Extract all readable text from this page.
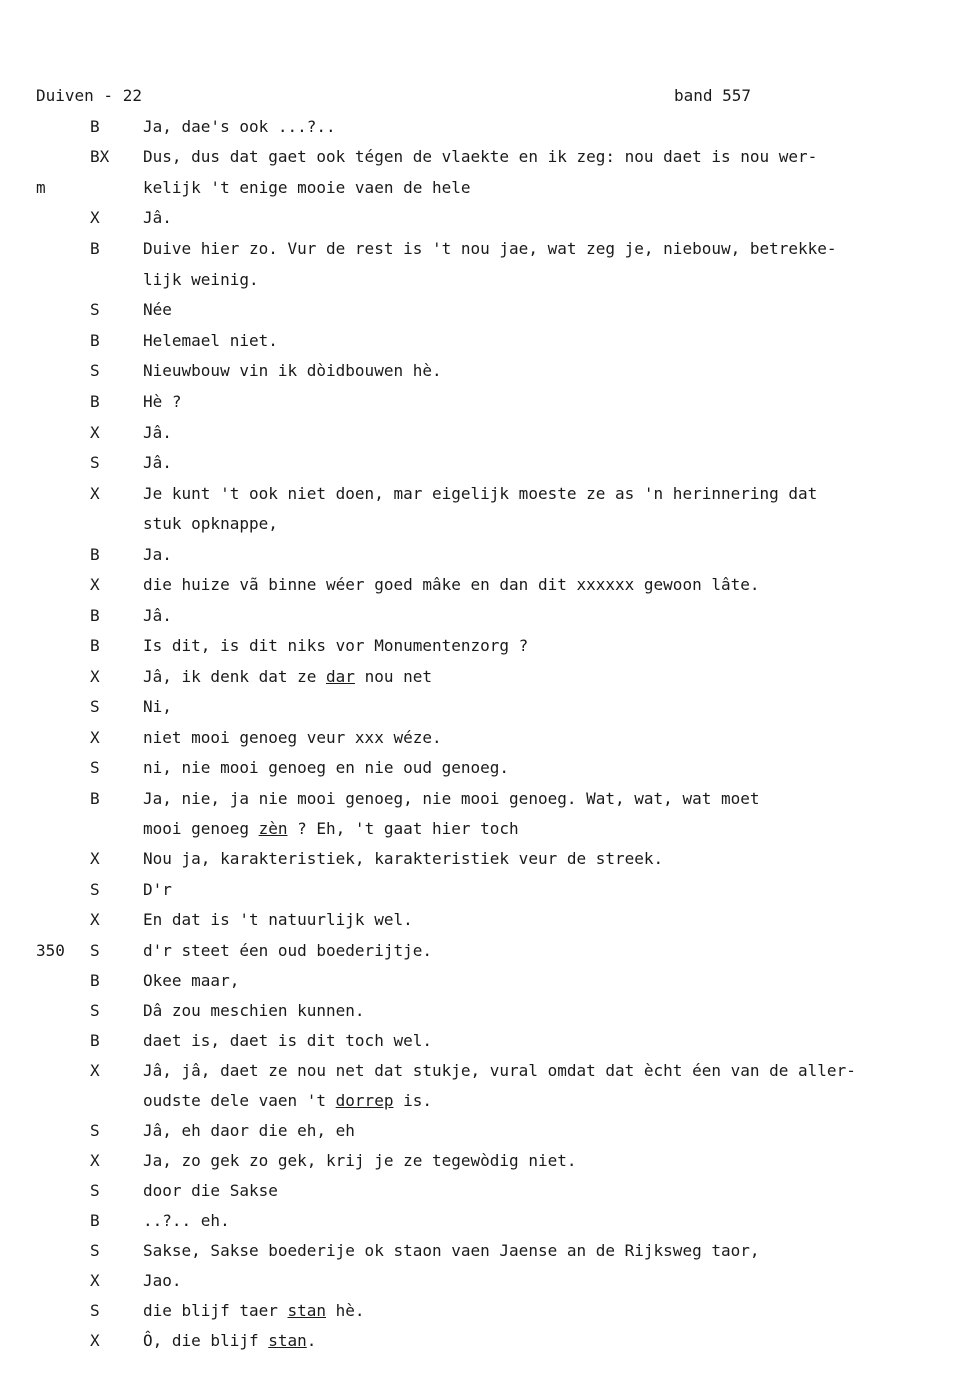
Duiven - 22	band 557
B	Ja, dae's ook ...?..
BX Dus, dus dat gaet ook tégen de vlaekte en ik zeg: nou daet is nou wer-
m	kelijk 't enige mooie vaen de hele
X	Jâ.
B	Duive hier zo. Vur de rest is 't nou jae, wat zeg je, niebouw, betrekke-
lijk weinig.
S	Née
B	Helemael niet.
S	Nieuwbouw vin ik dòidbouwen hè.
B	Hè ?
X	Jâ.
S	Jâ.
X	Je kunt 't ook niet doen, mar eigelijk moeste ze as 'n herinnering dat
stuk opknappe,
B	Ja.
X	die huize vã binne wéer goed mâke en dan dit xxxxxx gewoon lâte.
B	Jâ.
B	Is dit, is dit niks vor Monumentenzorg ?
X	Jâ, ik denk dat ze dar nou net
S	Ni,
X	niet mooi genoeg veur xxx wéze.
S	ni, nie mooi genoeg en nie oud genoeg.
B	Ja, nie, ja nie mooi genoeg, nie mooi genoeg. Wat, wat, wat moet
mooi genoeg zèn ? Eh, 't gaat hier toch
X	Nou ja, karakteristiek, karakteristiek veur de streek.
S	D'r
X	En dat is 't natuurlijk wel.
350 S	d'r steet éen oud boederijtje.
B	Okee maar,
S	Dâ zou meschien kunnen.
B	daet is, daet is dit toch wel.
X	Jâ, jâ, daet ze nou net dat stukje, vural omdat dat ècht éen van de aller-
oudste dele vaen 't dorrep is.
S	Jâ, eh daor die eh, eh
X	Ja, zo gek zo gek, krij je ze tegewòdig niet.
S	door die Sakse
B	..?.. eh.
S	Sakse, Sakse boederije ok staon vaen Jaense an de Rijksweg taor,
X	Jao.
S	die blijf taer stan hè.
X	Ô, die blijf stan.
